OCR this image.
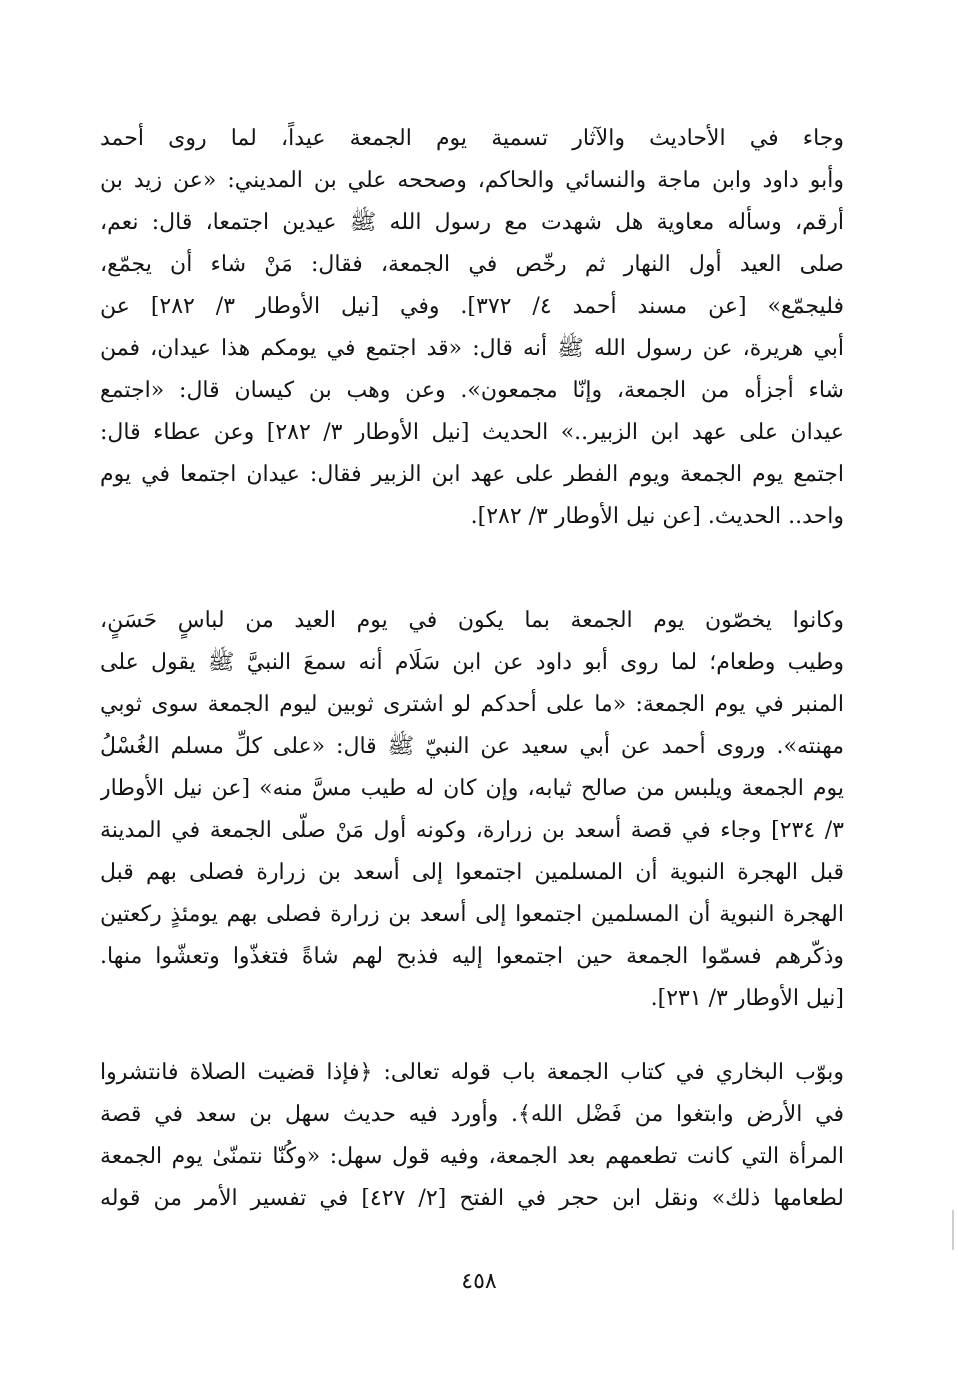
وجاء في الأحاديث والآثار تسمية يوم الجمعة عيداً، لما روى أحمد
وأبو داود وابن ماجة والنسائي والحاكم، وصححه علي بن المديني: «عن زيد بن
أرقم، وسأله معاوية هل شهدت مع رسول الله ﷺ عيدين اجتمعا، قال: نعم،
صلى العيد أول النهار ثم رخّص في الجمعة، فقال: مَنْ شاء أن يجمّع،
فليجمّع» [عن مسند أحمد ٤/ ٣٧٢]. وفي [نيل الأوطار ٣/ ٢٨٢] عن
أبي هريرة، عن رسول الله ﷺ أنه قال: «قد اجتمع في يومكم هذا عيدان، فمن
شاء أجزأه من الجمعة، وإنّا مجمعون». وعن وهب بن كيسان قال: «اجتمع
عيدان على عهد ابن الزبير..» الحديث [نيل الأوطار ٣/ ٢٨٢] وعن عطاء قال:
اجتمع يوم الجمعة ويوم الفطر على عهد ابن الزبير فقال: عيدان اجتمعا في يوم
واحد.. الحديث. [عن نيل الأوطار ٣/ ٢٨٢].
وكانوا يخصّون يوم الجمعة بما يكون في يوم العيد من لباسٍ حَسَنٍ،
وطيب وطعام؛ لما روى أبو داود عن ابن سَلَام أنه سمعَ النبيَّ ﷺ يقول على
المنبر في يوم الجمعة: «ما على أحدكم لو اشترى ثوبين ليوم الجمعة سوى ثوبي
مهنته». وروى أحمد عن أبي سعيد عن النبيّ ﷺ قال: «على كلِّ مسلم الغُسْلُ
يوم الجمعة ويلبس من صالح ثيابه، وإن كان له طيب مسَّ منه» [عن نيل الأوطار
٣/ ٢٣٤] وجاء في قصة أسعد بن زرارة، وكونه أول مَنْ صلّى الجمعة في المدينة
قبل الهجرة النبوية أن المسلمين اجتمعوا إلى أسعد بن زرارة فصلى بهم قبل
الهجرة النبوية أن المسلمين اجتمعوا إلى أسعد بن زرارة فصلى بهم يومئذٍ ركعتين
وذكّرهم فسمّوا الجمعة حين اجتمعوا إليه فذبح لهم شاةً فتغذّوا وتعشّوا منها.
[نيل الأوطار ٣/ ٢٣١].
وبوّب البخاري في كتاب الجمعة باب قوله تعالى: ﴿فإذا قضيت الصلاة فانتشروا
في الأرض وابتغوا من فَضْل الله﴾. وأورد فيه حديث سهل بن سعد في قصة
المرأة التي كانت تطعمهم بعد الجمعة، وفيه قول سهل: «وكُنّا نتمنّىٰ يوم الجمعة
لطعامها ذلك» ونقل ابن حجر في الفتح [٢/ ٤٢٧] في تفسير الأمر من قوله
٤٥٨
